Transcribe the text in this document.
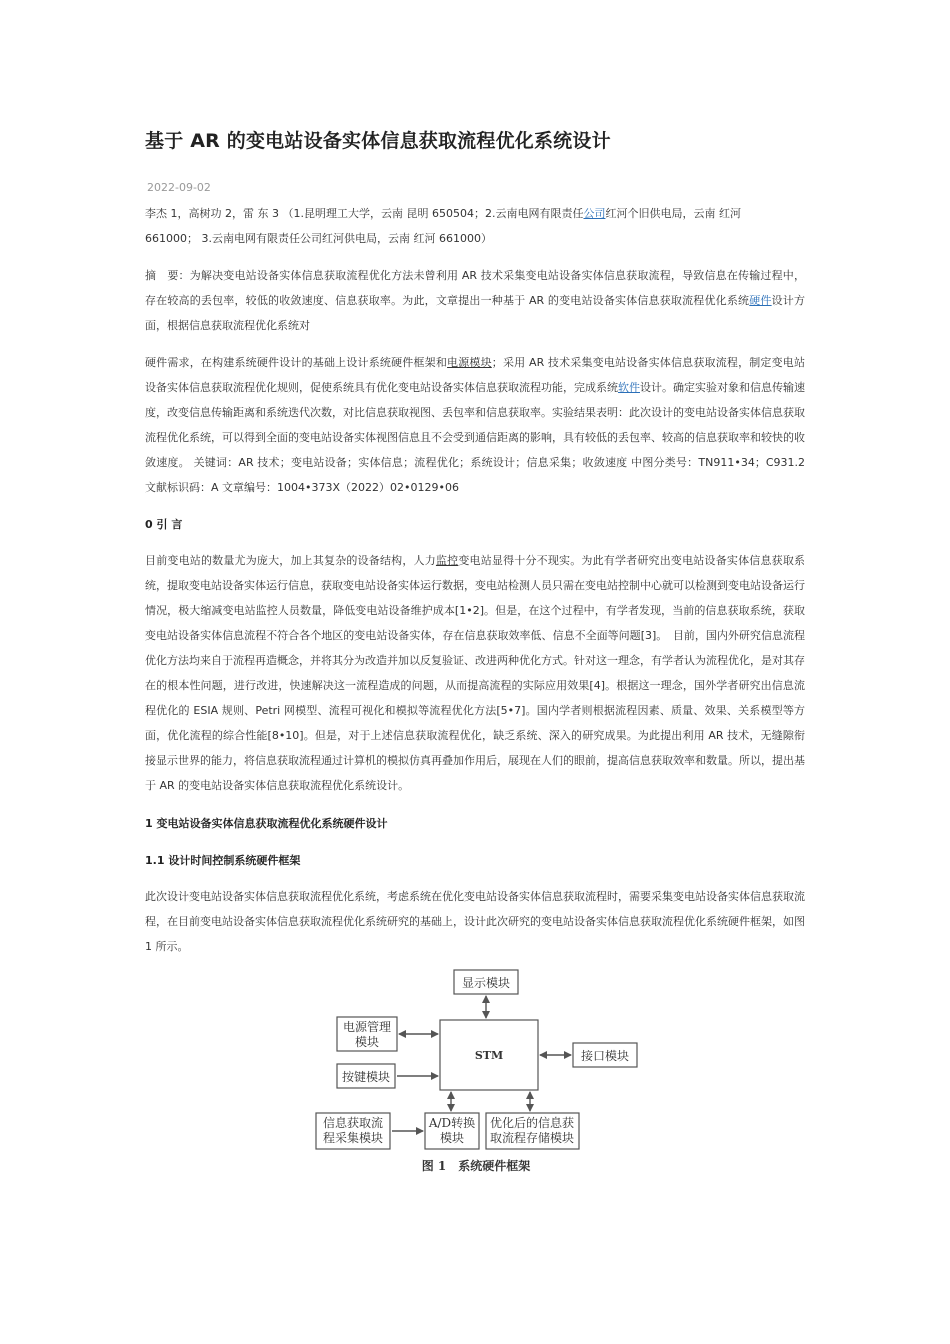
基于 AR 的变电站设备实体信息获取流程优化系统设计
2022-09-02

李杰 1，高树功 2，雷 东 3 （1.昆明理工大学，云南 昆明 650504；2.云南电网有限责任公司红河个旧供电局，云南 红河
661000； 3.云南电网有限责任公司红河供电局，云南 红河 661000）

摘　要：为解决变电站设备实体信息获取流程优化方法未曾利用 AR 技术采集变电站设备实体信息获取流程，导致信息在传输过程中，存在较高的丢包率，较低的收敛速度、信息获取率。为此，文章提出一种基于 AR 的变电站设备实体信息获取流程优化系统硬件设计方面，根据信息获取流程优化系统对

硬件需求，在构建系统硬件设计的基础上设计系统硬件框架和电源模块；采用 AR 技术采集变电站设备实体信息获取流程，制定变电站设备实体信息获取流程优化规则，促使系统具有优化变电站设备实体信息获取流程功能，完成系统软件设计。确定实验对象和信息传输速度，改变信息传输距离和系统迭代次数，对比信息获取视图、丢包率和信息获取率。实验结果表明：此次设计的变电站设备实体信息获取流程优化系统，可以得到全面的变电站设备实体视图信息且不会受到通信距离的影响，具有较低的丢包率、较高的信息获取率和较快的收敛速度。 关键词：AR 技术；变电站设备；实体信息；流程优化；系统设计；信息采集；收敛速度 中图分类号：TN911•34；C931.2　 文献标识码：A 文章编号：1004•373X（2022）02•0129•06

0 引 言

目前变电站的数量尤为庞大，加上其复杂的设备结构，人力监控变电站显得十分不现实。为此有学者研究出变电站设备实体信息获取系统，提取变电站设备实体运行信息，获取变电站设备实体运行数据，变电站检测人员只需在变电站控制中心就可以检测到变电站设备运行情况，极大缩减变电站监控人员数量，降低变电站设备维护成本[1•2]。但是，在这个过程中，有学者发现，当前的信息获取系统，获取变电站设备实体信息流程不符合各个地区的变电站设备实体，存在信息获取效率低、信息不全面等问题[3]。　目前，国内外研究信息流程优化方法均来自于流程再造概念，并将其分为改造并加以反复验证、改进两种优化方式。针对这一理念，有学者认为流程优化，是对其存在的根本性问题，进行改进，快速解决这一流程造成的问题，从而提高流程的实际应用效果[4]。根据这一理念，国外学者研究出信息流程优化的 ESIA 规则、Petri 网模型、流程可视化和模拟等流程优化方法[5•7]。国内学者则根据流程因素、质量、效果、关系模型等方面，优化流程的综合性能[8•10]。但是，对于上述信息获取流程优化，缺乏系统、深入的研究成果。为此提出利用 AR 技术，无缝隙衔接显示世界的能力，将信息获取流程通过计算机的模拟仿真再叠加作用后，展现在人们的眼前，提高信息获取效率和数量。所以，提出基于 AR 的变电站设备实体信息获取流程优化系统设计。

1 变电站设备实体信息获取流程优化系统硬件设计
1.1 设计时间控制系统硬件框架

此次设计变电站设备实体信息获取流程优化系统，考虑系统在优化变电站设备实体信息获取流程时，需要采集变电站设备实体信息获取流程，在目前变电站设备实体信息获取流程优化系统研究的基础上，设计此次研究的变电站设备实体信息获取流程优化系统硬件框架，如图 1 所示。

显示模块
电源管理
模块
STM	接口模块
按键模块
信息获取流
程采集模块
A/D转换
模块
优化后的信息获
取流程存储模块
图 1　系统硬件框架
